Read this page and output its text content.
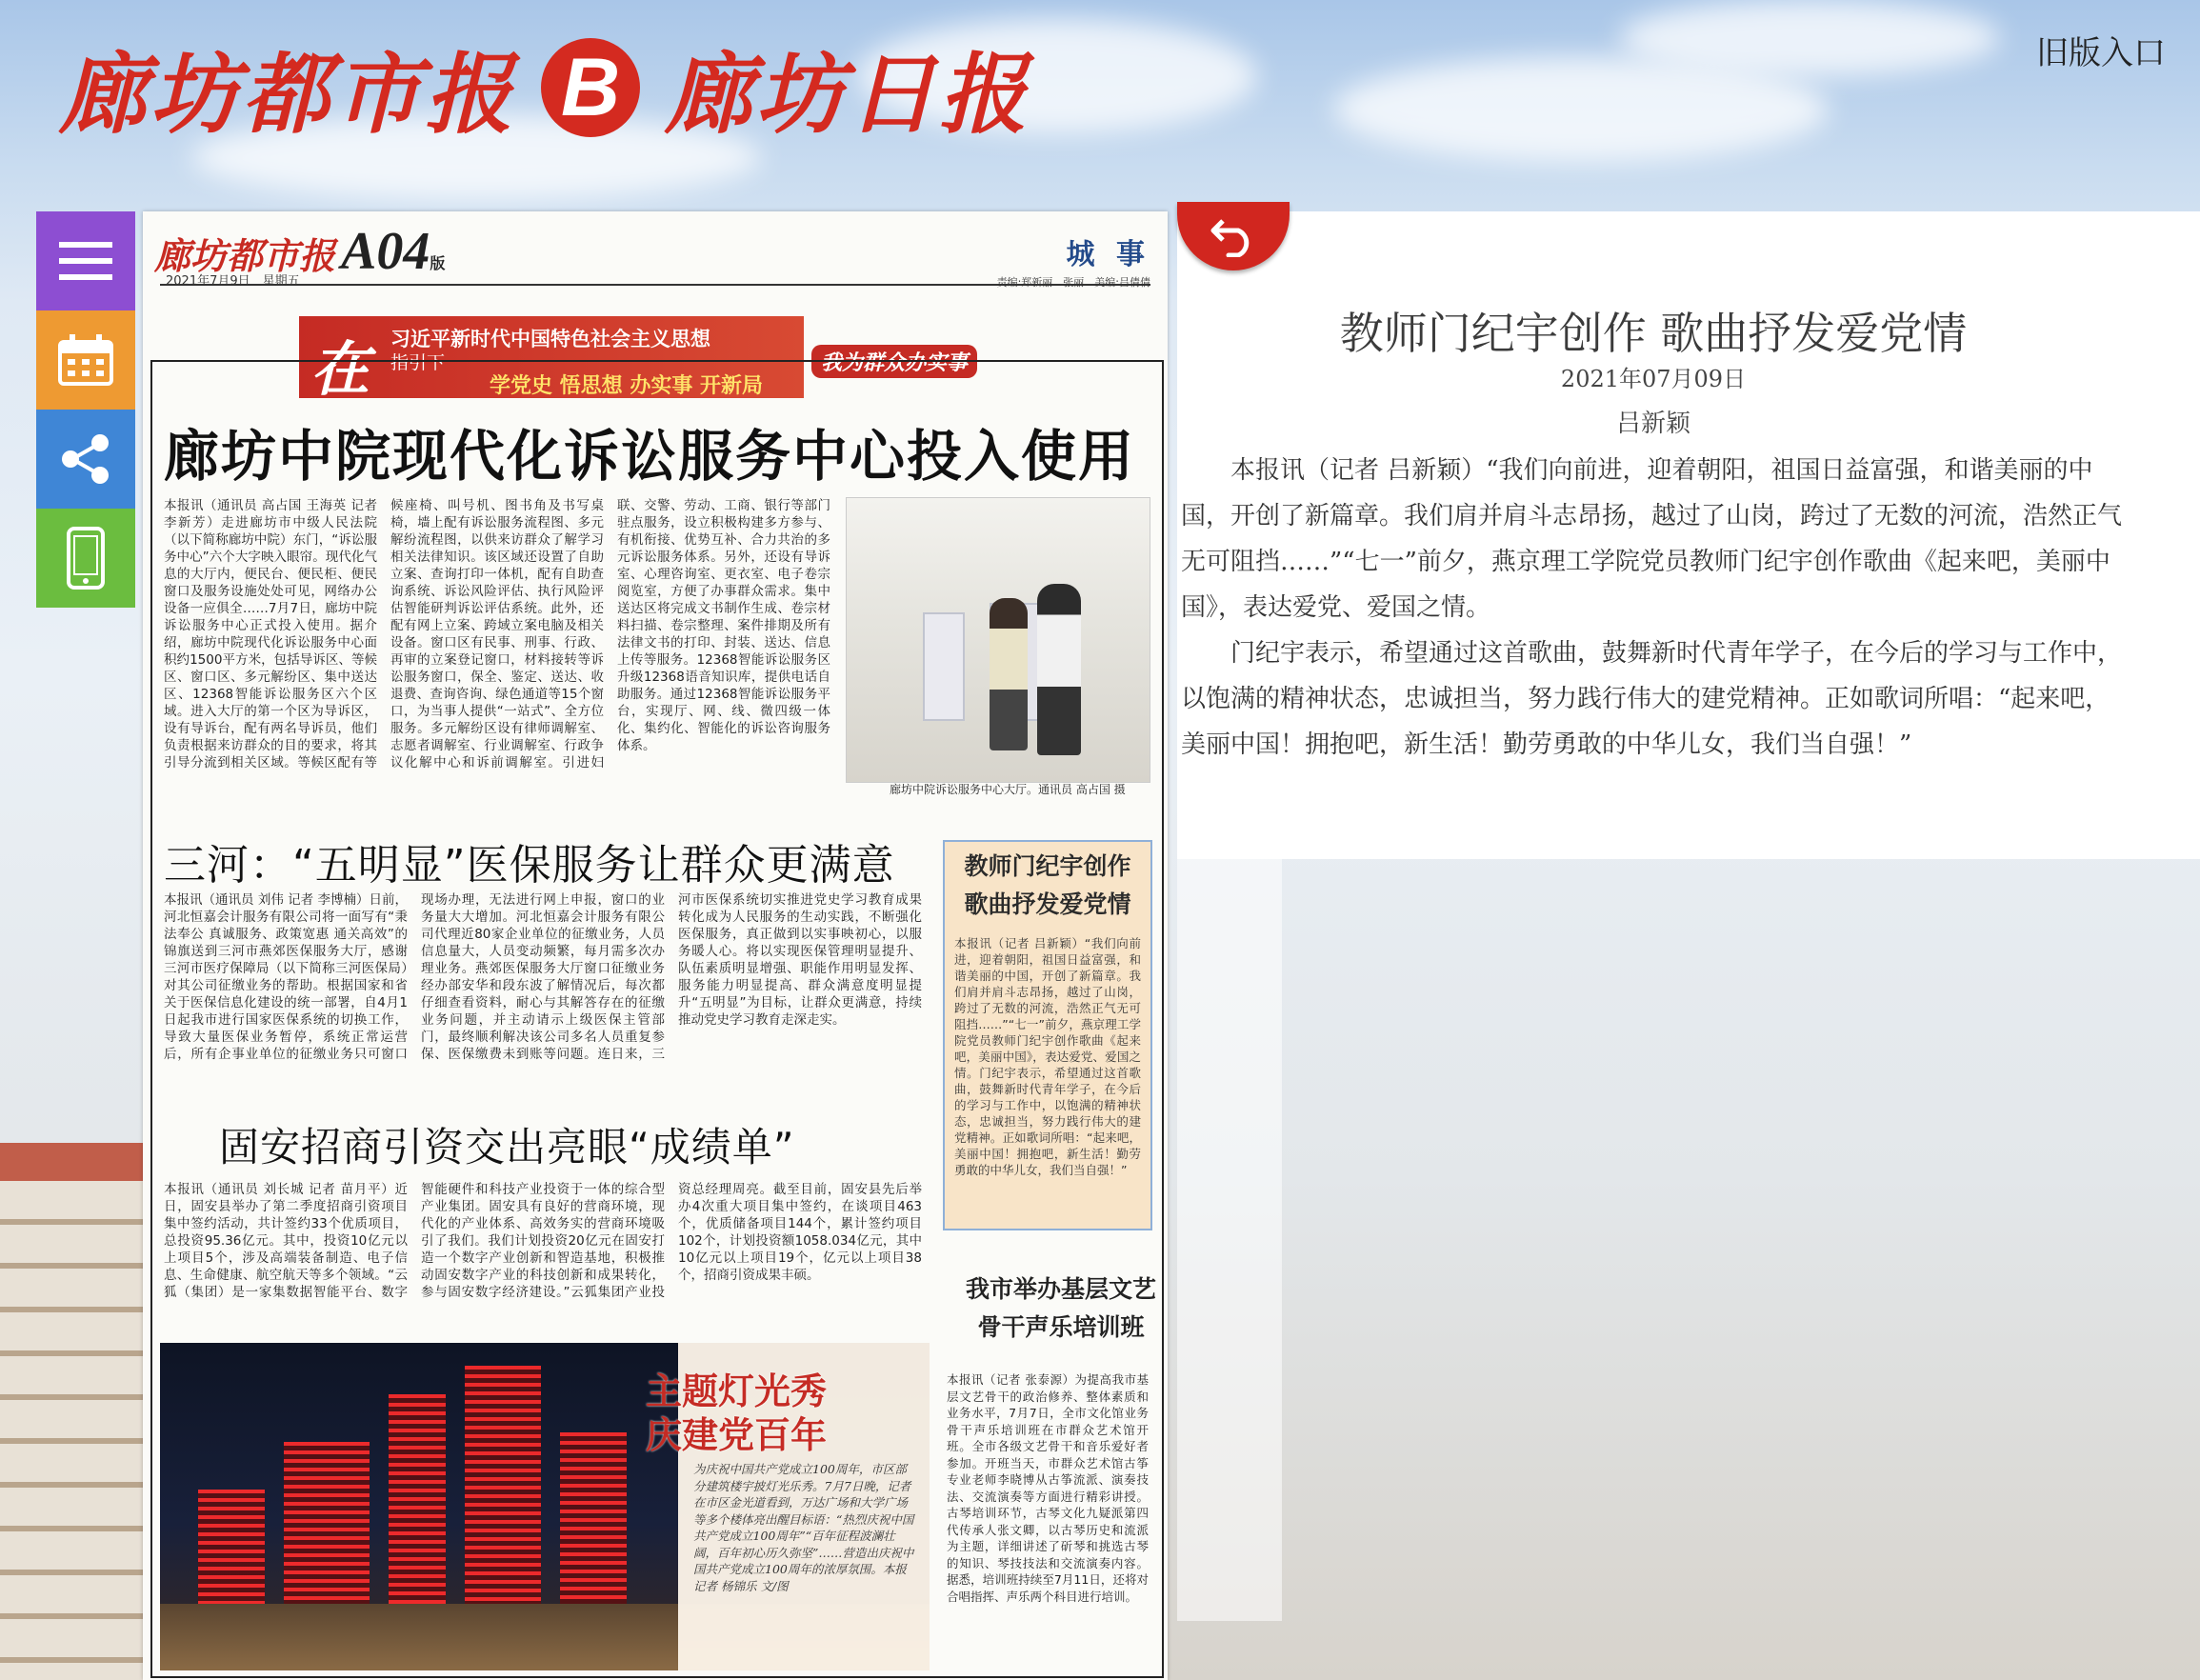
廊坊都市报 B 廊坊日报	旧版入口
廊坊都市报
2021年7月9日　星期五
A04版	城 事
责编:郑新丽　张丽　美编:吕倩倩
在 习近平新时代中国特色社会主义思想
指引下
学党史 悟思想 办实事 开新局
我为群众办实事
廊坊中院现代化诉讼服务中心投入使用
本报讯（通讯员 高占国 王海英 记者 李新芳）走进廊坊市中级人民法院（以下简称廊坊中院）东门，“诉讼服务中心”六个大字映入眼帘。现代化气息的大厅内，便民台、便民柜、便民窗口及服务设施处处可见，网络办公设备一应俱全……7月7日，廊坊中院诉讼服务中心正式投入使用。据介绍，廊坊中院现代化诉讼服务中心面积约1500平方米，包括导诉区、等候区、窗口区、多元解纷区、集中送达区、12368智能诉讼服务区六个区域。进入大厅的第一个区为导诉区，设有导诉台，配有两名导诉员，他们负责根据来访群众的目的要求，将其引导分流到相关区域。等候区配有等候座椅、叫号机、图书角及书写桌椅，墙上配有诉讼服务流程图、多元解纷流程图，以供来访群众了解学习相关法律知识。该区域还设置了自助立案、查询打印一体机，配有自助查询系统、诉讼风险评估、执行风险评估智能研判诉讼评估系统。此外，还配有网上立案、跨域立案电脑及相关设备。窗口区有民事、刑事、行政、再审的立案登记窗口，材料接转等诉讼服务窗口，保全、鉴定、送达、收退费、查询咨询、绿色通道等15个窗口，为当事人提供“一站式”、全方位服务。多元解纷区设有律师调解室、志愿者调解室、行业调解室、行政争议化解中心和诉前调解室。引进妇联、交警、劳动、工商、银行等部门驻点服务，设立积极构建多方参与、有机衔接、优势互补、合力共治的多元诉讼服务体系。另外，还设有导诉室、心理咨询室、更衣室、电子卷宗阅览室，方便了办事群众需求。集中送达区将完成文书制作生成、卷宗材料扫描、卷宗整理、案件排期及所有法律文书的打印、封装、送达、信息上传等服务。12368智能诉讼服务区升级12368语音知识库，提供电话自助服务。通过12368智能诉讼服务平台，实现厅、网、线、微四级一体化、集约化、智能化的诉讼咨询服务体系。
廊坊中院诉讼服务中心大厅。通讯员 高占国 摄
三河：“五明显”医保服务让群众更满意
本报讯（通讯员 刘伟 记者 李博楠）日前，河北恒嘉会计服务有限公司将一面写有“秉法奉公 真诚服务、政策宽惠 通关高效”的锦旗送到三河市燕郊医保服务大厅，感谢三河市医疗保障局（以下简称三河医保局）对其公司征缴业务的帮助。根据国家和省关于医保信息化建设的统一部署，自4月1日起我市进行国家医保系统的切换工作，导致大量医保业务暂停，系统正常运营后，所有企事业单位的征缴业务只可窗口现场办理，无法进行网上申报，窗口的业务量大大增加。河北恒嘉会计服务有限公司代理近80家企业单位的征缴业务，人员信息量大，人员变动频繁，每月需多次办理业务。燕郊医保服务大厅窗口征缴业务经办部安华和段东波了解情况后，每次都仔细查看资料，耐心与其解答存在的征缴业务问题，并主动请示上级医保主管部门，最终顺利解决该公司多名人员重复参保、医保缴费未到账等问题。连日来，三河市医保系统切实推进党史学习教育成果转化成为人民服务的生动实践，不断强化医保服务，真正做到以实事映初心，以服务暖人心。将以实现医保管理明显提升、队伍素质明显增强、职能作用明显发挥、服务能力明显提高、群众满意度明显提升“五明显”为目标，让群众更满意，持续推动党史学习教育走深走实。
固安招商引资交出亮眼“成绩单”
本报讯（通讯员 刘长城 记者 苗月平）近日，固安县举办了第二季度招商引资项目集中签约活动，共计签约33个优质项目，总投资95.36亿元。其中，投资10亿元以上项目5个，涉及高端装备制造、电子信息、生命健康、航空航天等多个领域。“云狐（集团）是一家集数据智能平台、数字智能硬件和科技产业投资于一体的综合型产业集团。固安具有良好的营商环境，现代化的产业体系、高效务实的营商环境吸引了我们。我们计划投资20亿元在固安打造一个数字产业创新和智造基地，积极推动固安数字产业的科技创新和成果转化，参与固安数字经济建设。”云狐集团产业投资总经理周亮。截至目前，固安县先后举办4次重大项目集中签约，在谈项目463个，优质储备项目144个，累计签约项目102个，计划投资额1058.034亿元，其中10亿元以上项目19个，亿元以上项目38个，招商引资成果丰硕。
教师门纪宇创作歌曲抒发爱党情
本报讯（记者 吕新颖）“我们向前进，迎着朝阳，祖国日益富强，和谐美丽的中国，开创了新篇章。我们肩并肩斗志昂扬，越过了山岗，跨过了无数的河流，浩然正气无可阻挡……”“七一”前夕，燕京理工学院党员教师门纪宇创作歌曲《起来吧，美丽中国》，表达爱党、爱国之情。门纪宇表示，希望通过这首歌曲，鼓舞新时代青年学子，在今后的学习与工作中，以饱满的精神状态，忠诚担当，努力践行伟大的建党精神。正如歌词所唱：“起来吧，美丽中国！拥抱吧，新生活！勤劳勇敢的中华儿女，我们当自强！”
我市举办基层文艺骨干声乐培训班
本报讯（记者 张泰源）为提高我市基层文艺骨干的政治修养、整体素质和业务水平，7月7日，全市文化馆业务骨干声乐培训班在市群众艺术馆开班。全市各级文艺骨干和音乐爱好者参加。开班当天，市群众艺术馆古筝专业老师李晓博从古筝流派、演奏技法、交流演奏等方面进行精彩讲授。古琴培训环节，古琴文化九疑派第四代传承人张文卿，以古琴历史和流派为主题，详细讲述了斫琴和挑选古琴的知识、琴技技法和交流演奏内容。据悉，培训班持续至7月11日，还将对合唱指挥、声乐两个科目进行培训。
主题灯光秀
庆建党百年
为庆祝中国共产党成立100周年，市区部分建筑楼宇披灯光乐秀。7月7日晚，记者在市区金光道看到，万达广场和大学广场等多个楼体亮出醒目标语：“热烈庆祝中国共产党成立100周年”“百年征程波澜壮阔，百年初心历久弥坚”……营造出庆祝中国共产党成立100周年的浓厚氛围。本报记者 杨锦乐 文/图
教师门纪宇创作 歌曲抒发爱党情
2021年07月09日
吕新颖

本报讯（记者 吕新颖）“我们向前进，迎着朝阳，祖国日益富强，和谐美丽的中国，开创了新篇章。我们肩并肩斗志昂扬，越过了山岗，跨过了无数的河流，浩然正气无可阻挡……”“七一”前夕，燕京理工学院党员教师门纪宇创作歌曲《起来吧，美丽中国》，表达爱党、爱国之情。

门纪宇表示，希望通过这首歌曲，鼓舞新时代青年学子，在今后的学习与工作中，以饱满的精神状态，忠诚担当，努力践行伟大的建党精神。正如歌词所唱：“起来吧，美丽中国！拥抱吧，新生活！勤劳勇敢的中华儿女，我们当自强！”
